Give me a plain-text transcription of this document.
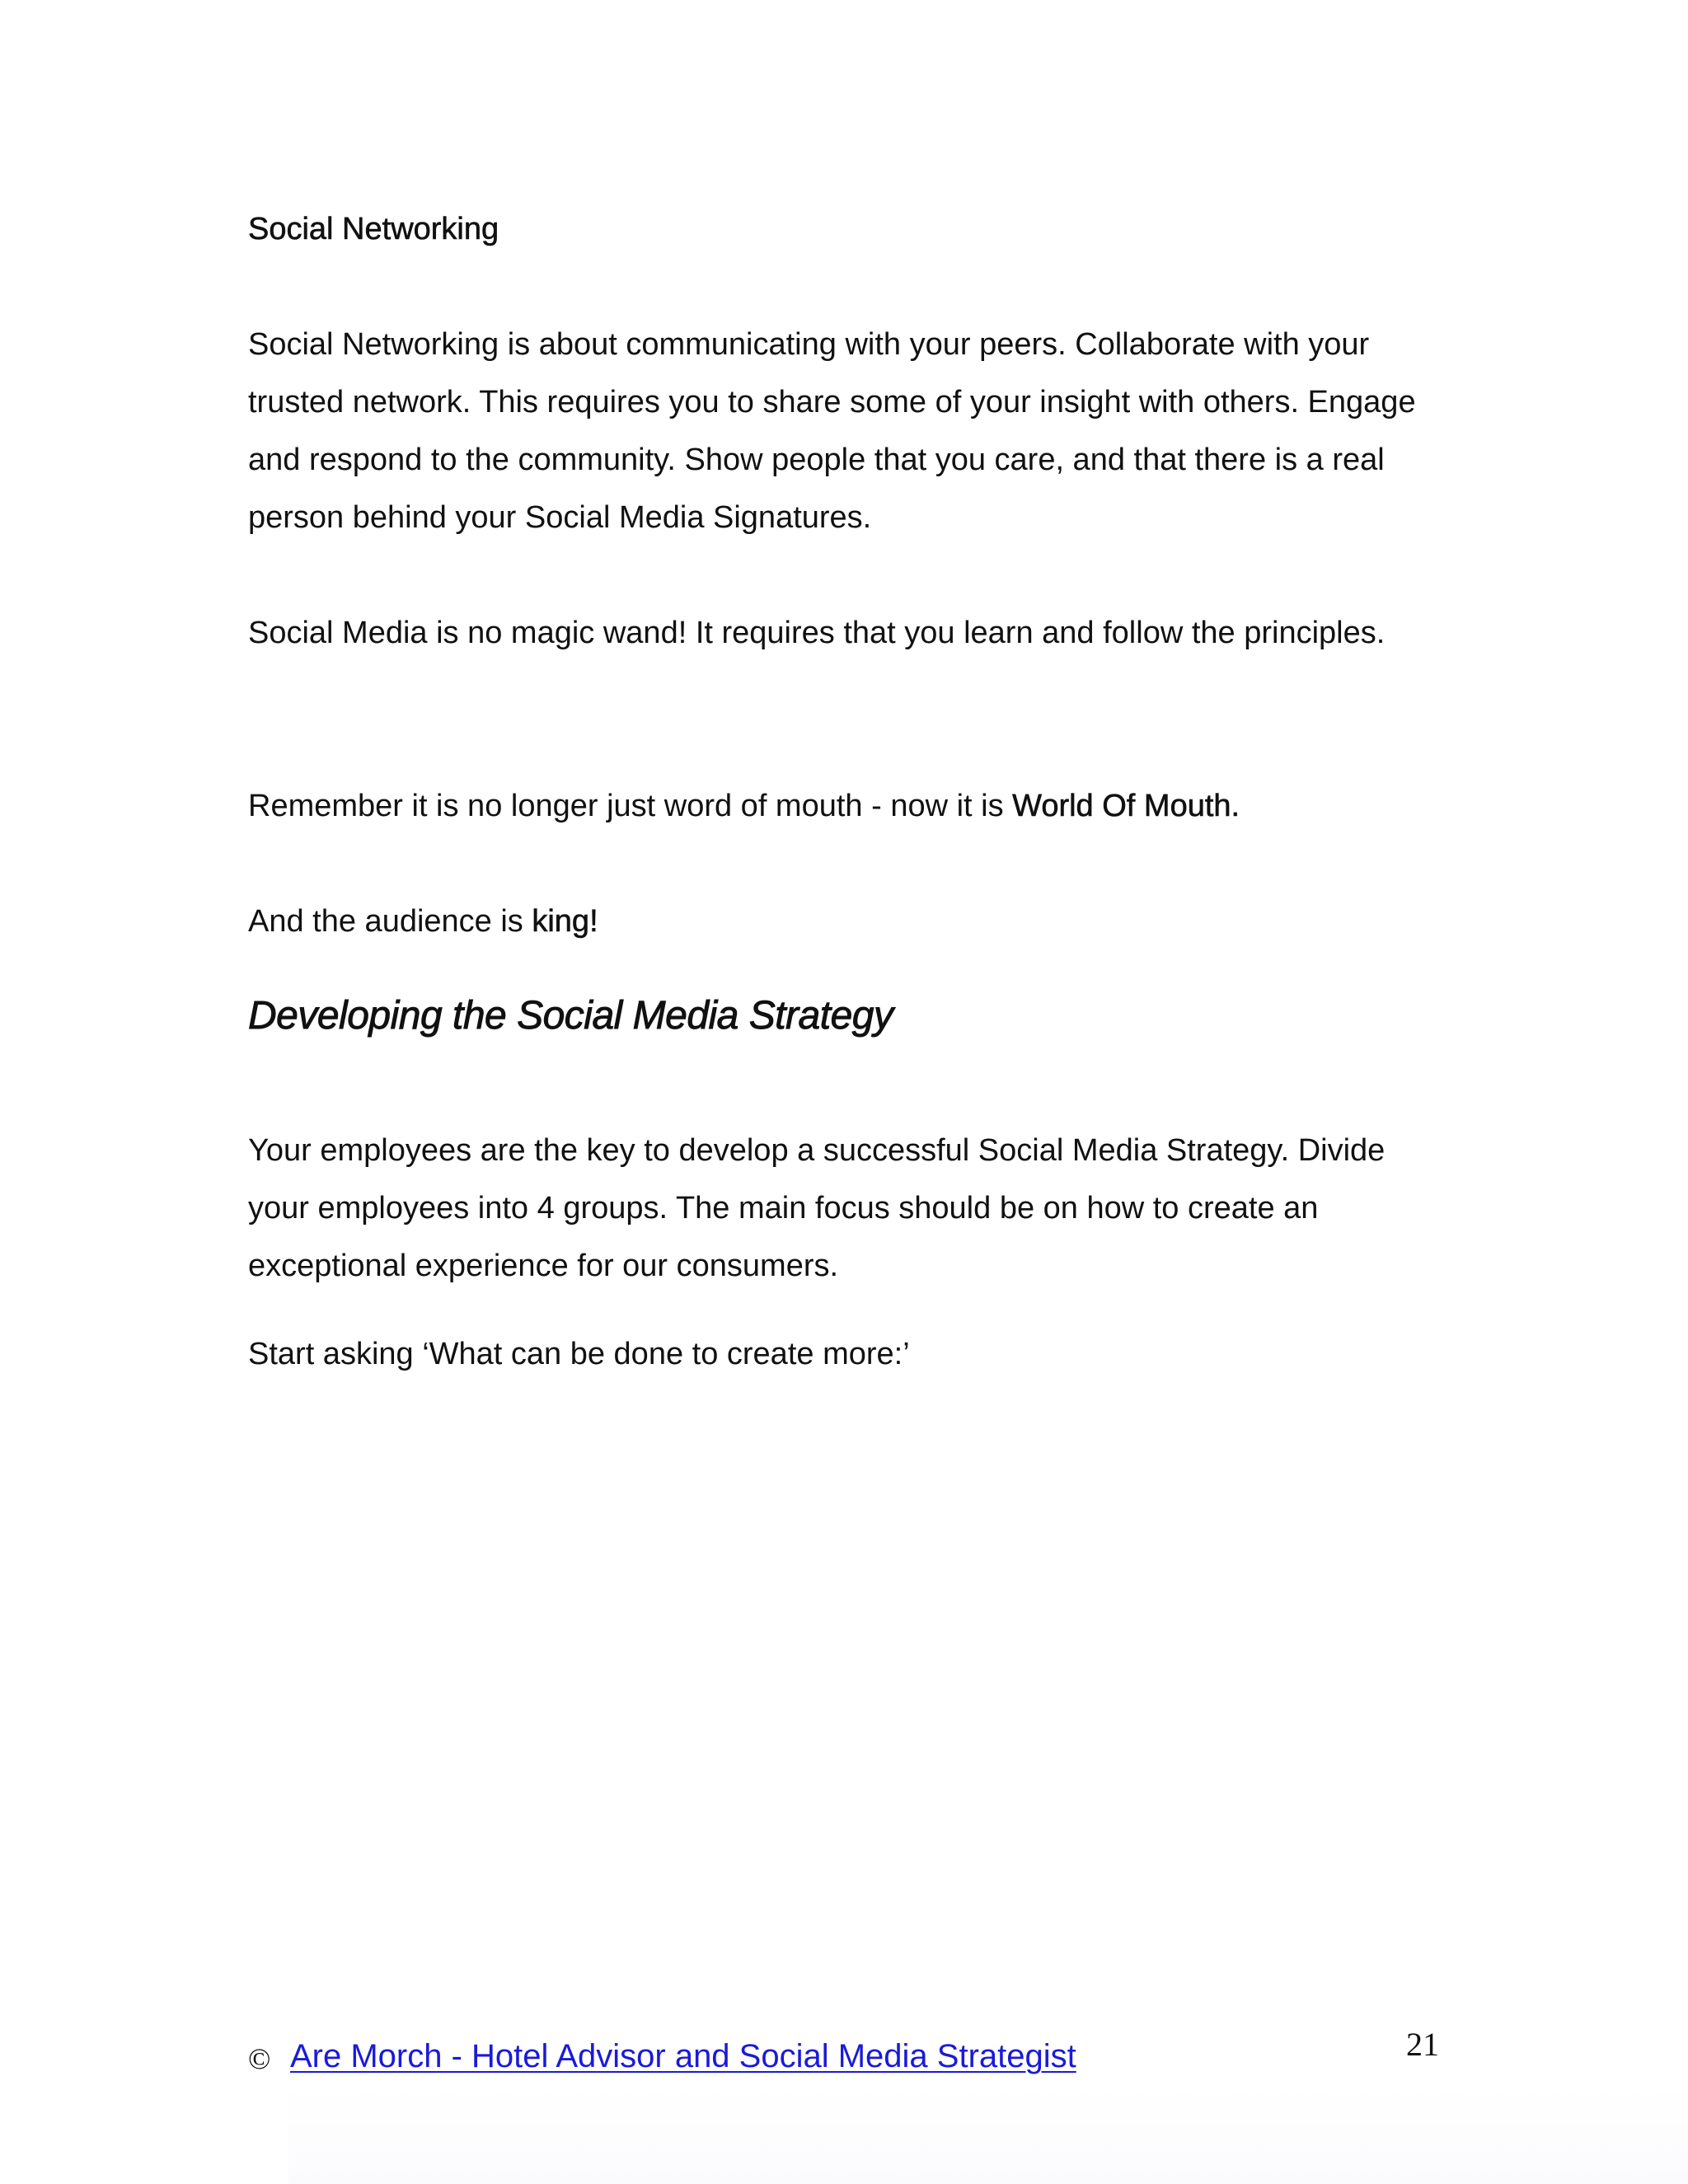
Social Networking

Social Networking is about communicating with your peers. Collaborate with your trusted network. This requires you to share some of your insight with others. Engage and respond to the community. Show people that you care, and that there is a real person behind your Social Media Signatures.

Social Media is no magic wand! It requires that you learn and follow the principles.

Remember it is no longer just word of mouth - now it is World Of Mouth.

And the audience is king!

Developing the Social Media Strategy

Your employees are the key to develop a successful Social Media Strategy. Divide your employees into 4 groups. The main focus should be on how to create an exceptional experience for our consumers.

Start asking ‘What can be done to create more:’

© Are Morch - Hotel Advisor and Social Media Strategist	21
